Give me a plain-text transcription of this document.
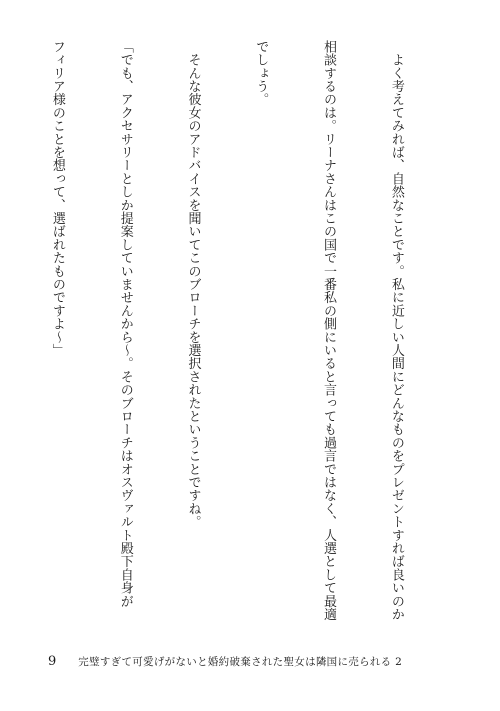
　よく考えてみれば、自然なことです。私に近しい人間にどんなものをプレゼントすれば良いのか

相談するのは。リーナさんはこの国で一番私の側にいると言っても過言ではなく、人選として最適

でしょう。

　そんな彼女のアドバイスを聞いてこのブローチを選択されたということですね。

「でも、アクセサリーとしか提案していませんから～。そのブローチはオスヴァルト殿下自身が

フィリア様のことを想って、選ばれたものですよ～」

9 完璧すぎて可愛げがないと婚約破棄された聖女は隣国に売られる 2
